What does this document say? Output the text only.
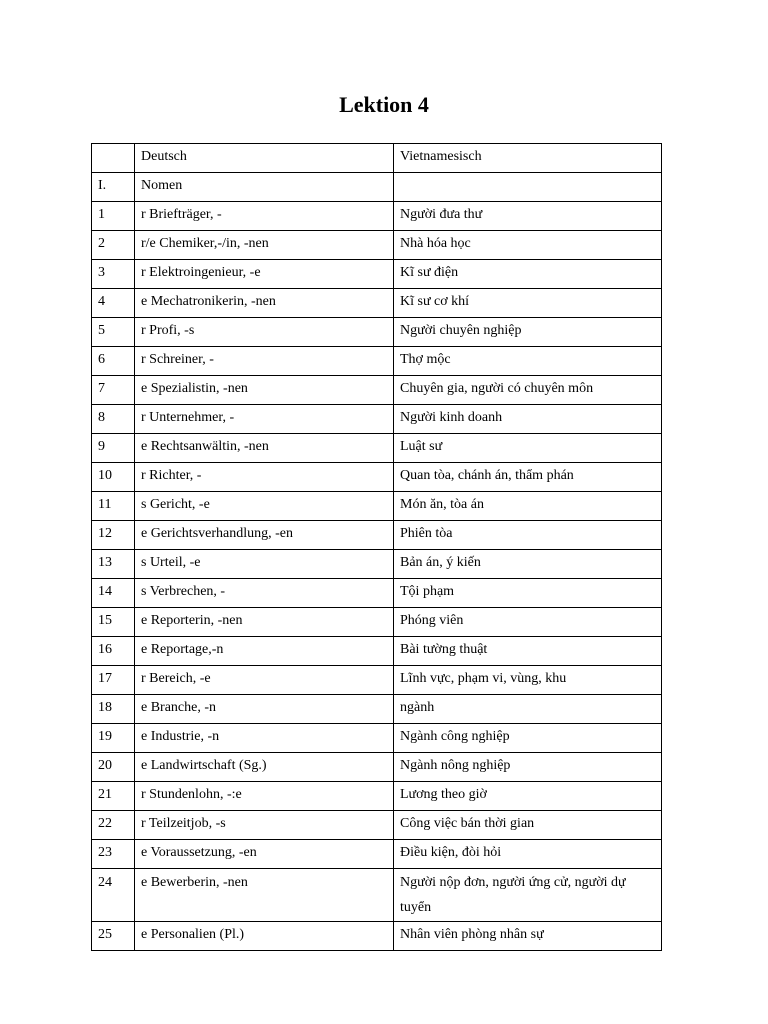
Lektion 4
	Deutsch	Vietnamesisch
I.	Nomen	
1	r Briefträger, -	Người đưa thư
2	r/e Chemiker,-/in, -nen	Nhà hóa học
3	r Elektroingenieur, -e	Kĩ sư điện
4	e Mechatronikerin, -nen	Kĩ sư cơ khí
5	r Profi, -s	Người chuyên nghiệp
6	r Schreiner, -	Thợ mộc
7	e Spezialistin, -nen	Chuyên gia, người có chuyên môn
8	r Unternehmer, -	Người kinh doanh
9	e Rechtsanwältin, -nen	Luật sư
10	r Richter, -	Quan tòa, chánh án, thẩm phán
11	s Gericht, -e	Món ăn, tòa án
12	e Gerichtsverhandlung, -en	Phiên tòa
13	s Urteil, -e	Bản án, ý kiến
14	s Verbrechen, -	Tội phạm
15	e Reporterin, -nen	Phóng viên
16	e Reportage,-n	Bài tường thuật
17	r Bereich, -e	Lĩnh vực, phạm vi, vùng, khu
18	e Branche, -n	ngành
19	e Industrie, -n	Ngành công nghiệp
20	e Landwirtschaft (Sg.)	Ngành nông nghiệp
21	r Stundenlohn, -:e	Lương theo giờ
22	r Teilzeitjob, -s	Công việc bán thời gian
23	e Voraussetzung, -en	Điều kiện, đòi hỏi
24	e Bewerberin, -nen	Người nộp đơn, người ứng cử, người dự tuyển
25	e Personalien (Pl.)	Nhân viên phòng nhân sự
